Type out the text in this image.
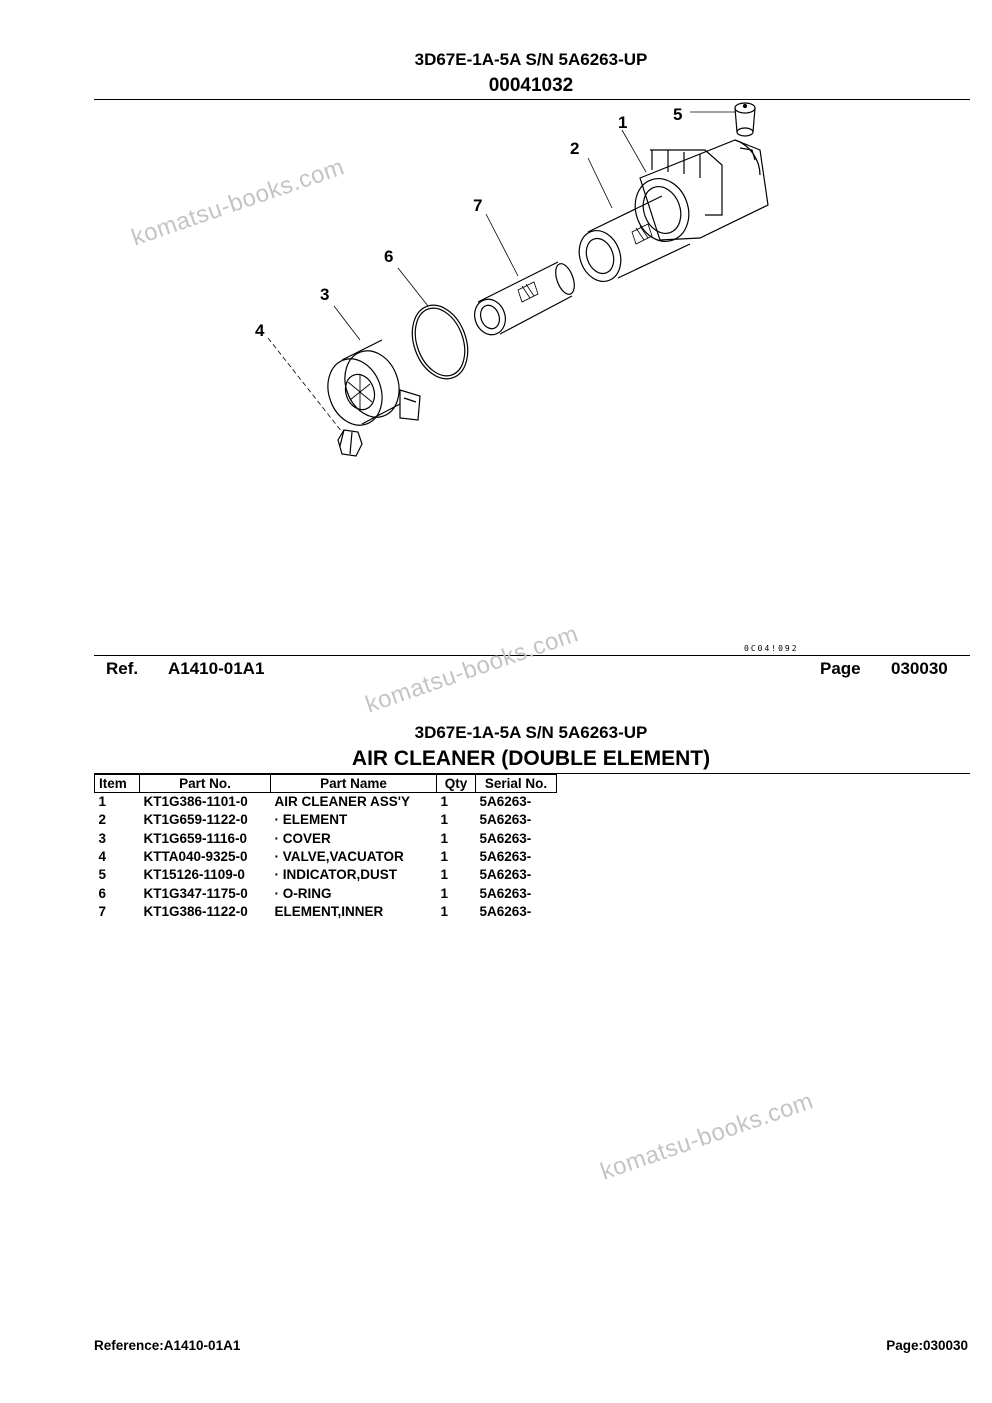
3D67E-1A-5A S/N 5A6263-UP
00041032
1
2
3
4
5
6
7
0C04!092
Ref. A1410-01A1	Page 030030
3D67E-1A-5A S/N 5A6263-UP
AIR CLEANER (DOUBLE ELEMENT)
Item	Part No.	Part Name	Qty	Serial No.
1	KT1G386-1101-0	AIR CLEANER ASS'Y	1	5A6263-
2	KT1G659-1122-0	· ELEMENT	1	5A6263-
3	KT1G659-1116-0	· COVER	1	5A6263-
4	KTTA040-9325-0	· VALVE,VACUATOR	1	5A6263-
5	KT15126-1109-0	· INDICATOR,DUST	1	5A6263-
6	KT1G347-1175-0	· O-RING	1	5A6263-
7	KT1G386-1122-0	ELEMENT,INNER	1	5A6263-
komatsu-books.com
komatsu-books.com
komatsu-books.com
Reference:A1410-01A1	Page:030030
